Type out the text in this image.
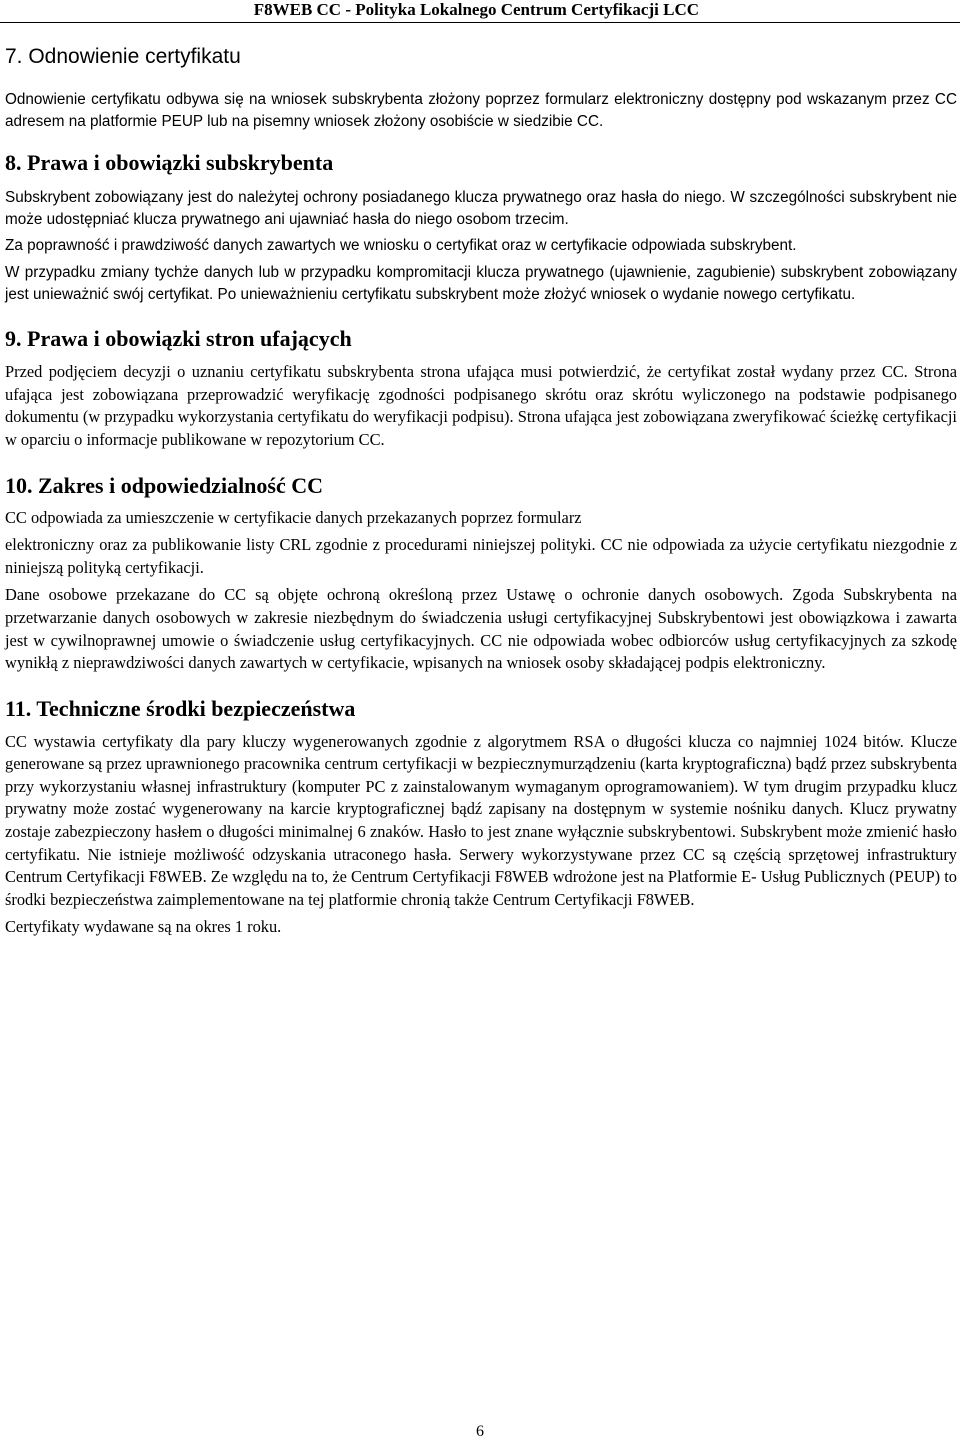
F8WEB CC - Polityka Lokalnego Centrum Certyfikacji LCC
7. Odnowienie certyfikatu

Odnowienie certyfikatu odbywa się na wniosek subskrybenta złożony poprzez formularz elektroniczny dostępny pod wskazanym przez CC adresem na platformie PEUP lub na pisemny wniosek złożony osobiście w siedzibie CC.

8. Prawa i obowiązki subskrybenta

Subskrybent zobowiązany jest do należytej ochrony posiadanego klucza prywatnego oraz hasła do niego. W szczególności subskrybent nie może udostępniać klucza prywatnego ani ujawniać hasła do niego osobom trzecim.

Za poprawność i prawdziwość danych zawartych we wniosku o certyfikat oraz w certyfikacie odpowiada subskrybent.

W przypadku zmiany tychże danych lub w przypadku kompromitacji klucza prywatnego (ujawnienie, zagubienie) subskrybent zobowiązany jest unieważnić swój certyfikat. Po unieważnieniu certyfikatu subskrybent może złożyć wniosek o wydanie nowego certyfikatu.

9. Prawa i obowiązki stron ufających

Przed podjęciem decyzji o uznaniu certyfikatu subskrybenta strona ufająca musi potwierdzić, że certyfikat został wydany przez CC. Strona ufająca jest zobowiązana przeprowadzić weryfikację zgodności podpisanego skrótu oraz skrótu wyliczonego na podstawie podpisanego dokumentu (w przypadku wykorzystania certyfikatu do weryfikacji podpisu). Strona ufająca jest zobowiązana zweryfikować ścieżkę certyfikacji w oparciu o informacje publikowane w repozytorium CC.

10. Zakres i odpowiedzialność CC

CC odpowiada za umieszczenie w certyfikacie danych przekazanych poprzez formularz

elektroniczny oraz za publikowanie listy CRL zgodnie z procedurami niniejszej polityki. CC nie odpowiada za użycie certyfikatu niezgodnie z niniejszą polityką certyfikacji.

Dane osobowe przekazane do CC są objęte ochroną określoną przez Ustawę o ochronie danych osobowych. Zgoda Subskrybenta na przetwarzanie danych osobowych w zakresie niezbędnym do świadczenia usługi certyfikacyjnej Subskrybentowi jest obowiązkowa i zawarta jest w cywilnoprawnej umowie o świadczenie usług certyfikacyjnych. CC nie odpowiada wobec odbiorców usług certyfikacyjnych za szkodę wynikłą z nieprawdziwości danych zawartych w certyfikacie, wpisanych na wniosek osoby składającej podpis elektroniczny.

11. Techniczne środki bezpieczeństwa

CC wystawia certyfikaty dla pary kluczy wygenerowanych zgodnie z algorytmem RSA o długości klucza co najmniej 1024 bitów. Klucze generowane są przez uprawnionego pracownika centrum certyfikacji w bezpiecznymurządzeniu (karta kryptograficzna) bądź przez subskrybenta przy wykorzystaniu własnej infrastruktury (komputer PC z zainstalowanym wymaganym oprogramowaniem). W tym drugim przypadku klucz prywatny może zostać wygenerowany na karcie kryptograficznej bądź zapisany na dostępnym w systemie nośniku danych. Klucz prywatny zostaje zabezpieczony hasłem o długości minimalnej 6 znaków. Hasło to jest znane wyłącznie subskrybentowi. Subskrybent może zmienić hasło certyfikatu. Nie istnieje możliwość odzyskania utraconego hasła. Serwery wykorzystywane przez CC są częścią sprzętowej infrastruktury Centrum Certyfikacji F8WEB. Ze względu na to, że Centrum Certyfikacji F8WEB wdrożone jest na Platformie E- Usług Publicznych (PEUP) to środki bezpieczeństwa zaimplementowane na tej platformie chronią także Centrum Certyfikacji F8WEB.

Certyfikaty wydawane są na okres 1 roku.

6
